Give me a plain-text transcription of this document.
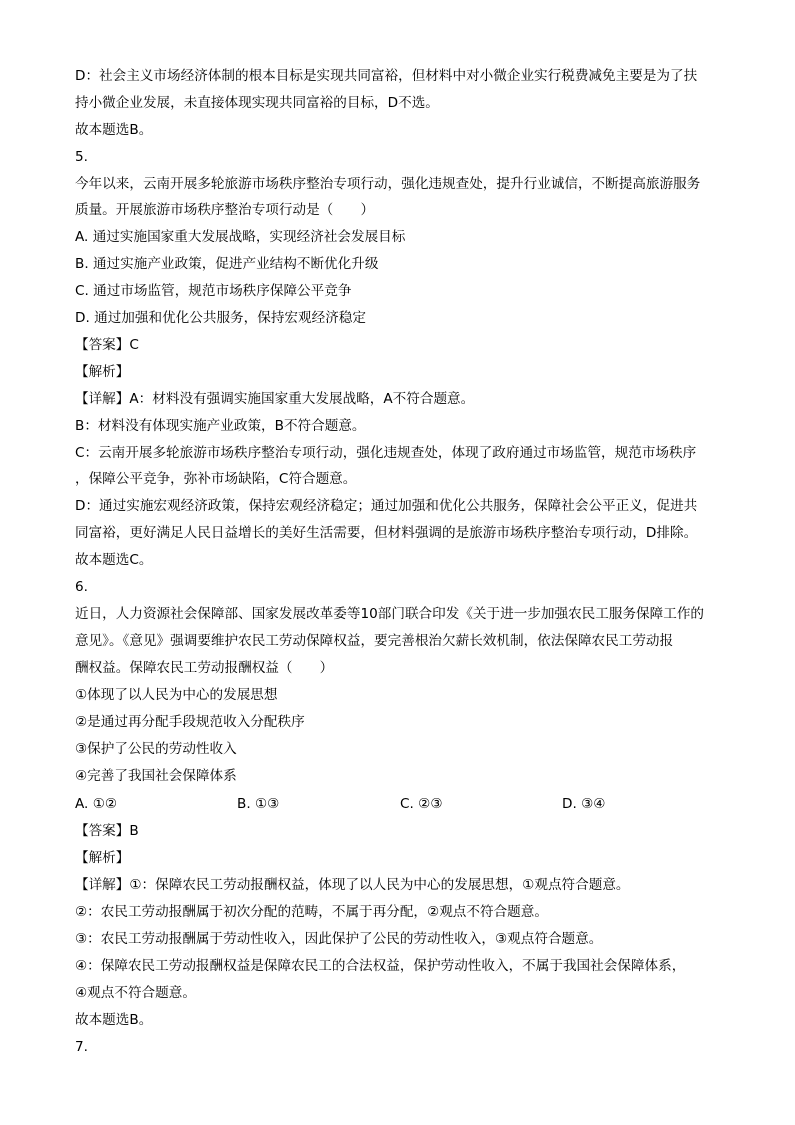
D：社会主义市场经济体制的根本目标是实现共同富裕，但材料中对小微企业实行税费减免主要是为了扶
持小微企业发展，未直接体现实现共同富裕的目标，D不选。
故本题选B。
5.
今年以来，云南开展多轮旅游市场秩序整治专项行动，强化违规查处，提升行业诚信，不断提高旅游服务
质量。开展旅游市场秩序整治专项行动是（　　）
A. 通过实施国家重大发展战略，实现经济社会发展目标
B. 通过实施产业政策，促进产业结构不断优化升级
C. 通过市场监管，规范市场秩序保障公平竞争
D. 通过加强和优化公共服务，保持宏观经济稳定
【答案】C
【解析】
【详解】A：材料没有强调实施国家重大发展战略，A不符合题意。
B：材料没有体现实施产业政策，B不符合题意。
C：云南开展多轮旅游市场秩序整治专项行动，强化违规查处，体现了政府通过市场监管，规范市场秩序
，保障公平竞争，弥补市场缺陷，C符合题意。
D：通过实施宏观经济政策，保持宏观经济稳定；通过加强和优化公共服务，保障社会公平正义，促进共
同富裕，更好满足人民日益增长的美好生活需要，但材料强调的是旅游市场秩序整治专项行动，D排除。
故本题选C。
6.
近日，人力资源社会保障部、国家发展改革委等10部门联合印发《关于进一步加强农民工服务保障工作的
意见》。《意见》强调要维护农民工劳动保障权益，要完善根治欠薪长效机制，依法保障农民工劳动报
酬权益。保障农民工劳动报酬权益（　　）
①体现了以人民为中心的发展思想
②是通过再分配手段规范收入分配秩序
③保护了公民的劳动性收入
④完善了我国社会保障体系
A. ①②	B. ①③	C. ②③	D. ③④
【答案】B
【解析】
【详解】①：保障农民工劳动报酬权益，体现了以人民为中心的发展思想，①观点符合题意。
②：农民工劳动报酬属于初次分配的范畴，不属于再分配，②观点不符合题意。
③：农民工劳动报酬属于劳动性收入，因此保护了公民的劳动性收入，③观点符合题意。
④：保障农民工劳动报酬权益是保障农民工的合法权益，保护劳动性收入，不属于我国社会保障体系，
④观点不符合题意。
故本题选B。
7.
